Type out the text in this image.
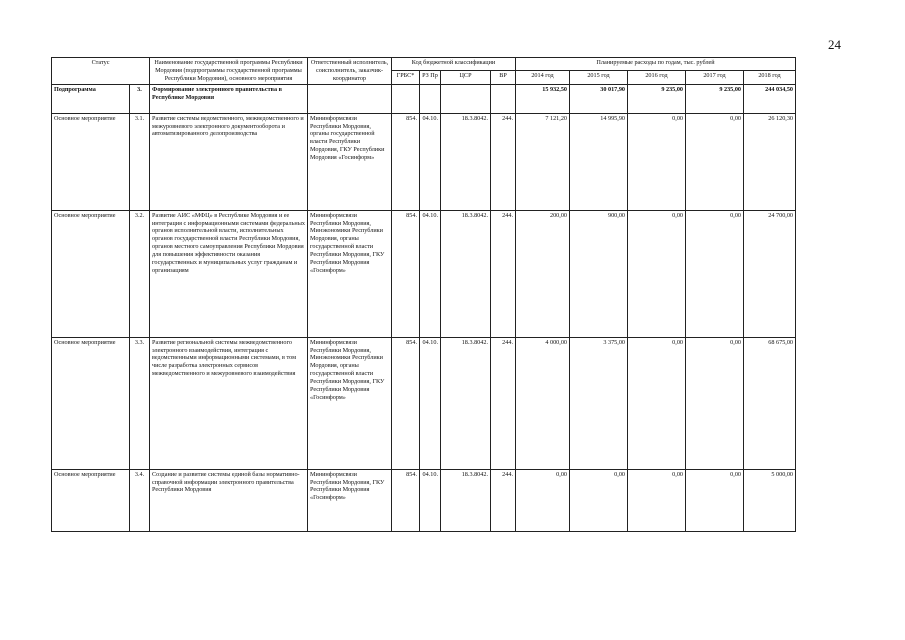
24
Статус		Наименование государственной программы Республики Мордовия (подпрограммы государственной программы Республики Мордовия), основного мероприятия	Ответственный исполнитель, соисполнитель, заказчик-координатор	Код бюджетной классификации				Планируемые расходы по годам, тыс. рублей				
				ГРБС*	РЗ Пр	ЦСР	ВР	2014 год	2015 год	2016 год	2017 год	2018 год
Подпрограмма	3.	Формирование электронного правительства в Республике Мордовия						15 932,50	30 017,90	9 235,00	9 235,00	244 034,50
Основное мероприятие	3.1.	Развитие системы ведомственного, межведомственного и межуровневого электронного документооборота и автоматизированного делопроизводства	Мининформсвязи Республики Мордовия, органы государственной власти Республики Мордовия, ГКУ Республики Мордовия «Госинформ»	854.	04.10.	18.3.8042.	244.	7 121,20	14 995,90	0,00	0,00	26 120,30
Основное мероприятие	3.2.	Развитие АИС «МФЦ» в Республике Мордовия и ее интеграция с информационными системами федеральных органов исполнительной власти, исполнительных органов государственной власти Республики Мордовия, органов местного самоуправления Республики Мордовия для повышения эффективности оказания государственных и муниципальных услуг гражданам и организациям	Мининформсвязи Республики Мордовия, Минэкономики Республики Мордовия, органы государственной власти Республики Мордовия, ГКУ Республики Мордовия «Госинформ»	854.	04.10.	18.3.8042.	244.	200,00	900,00	0,00	0,00	24 700,00
Основное мероприятие	3.3.	Развитие региональной системы межведомственного электронного взаимодействия, интеграция с ведомственными информационными системами, в том числе разработка электронных сервисов межведомственного и межуровневого взаимодействия	Мининформсвязи Республики Мордовия, Минэкономики Республики Мордовия, органы государственной власти Республики Мордовия, ГКУ Республики Мордовия «Госинформ»	854.	04.10.	18.3.8042.	244.	4 000,00	3 375,00	0,00	0,00	68 675,00
Основное мероприятие	3.4.	Создание и развитие системы единой базы нормативно-справочной информации электронного правительства Республики Мордовия	Мининформсвязи Республики Мордовия, ГКУ Республики Мордовия «Госинформ»	854.	04.10.	18.3.8042.	244.	0,00	0,00	0,00	0,00	5 000,00
